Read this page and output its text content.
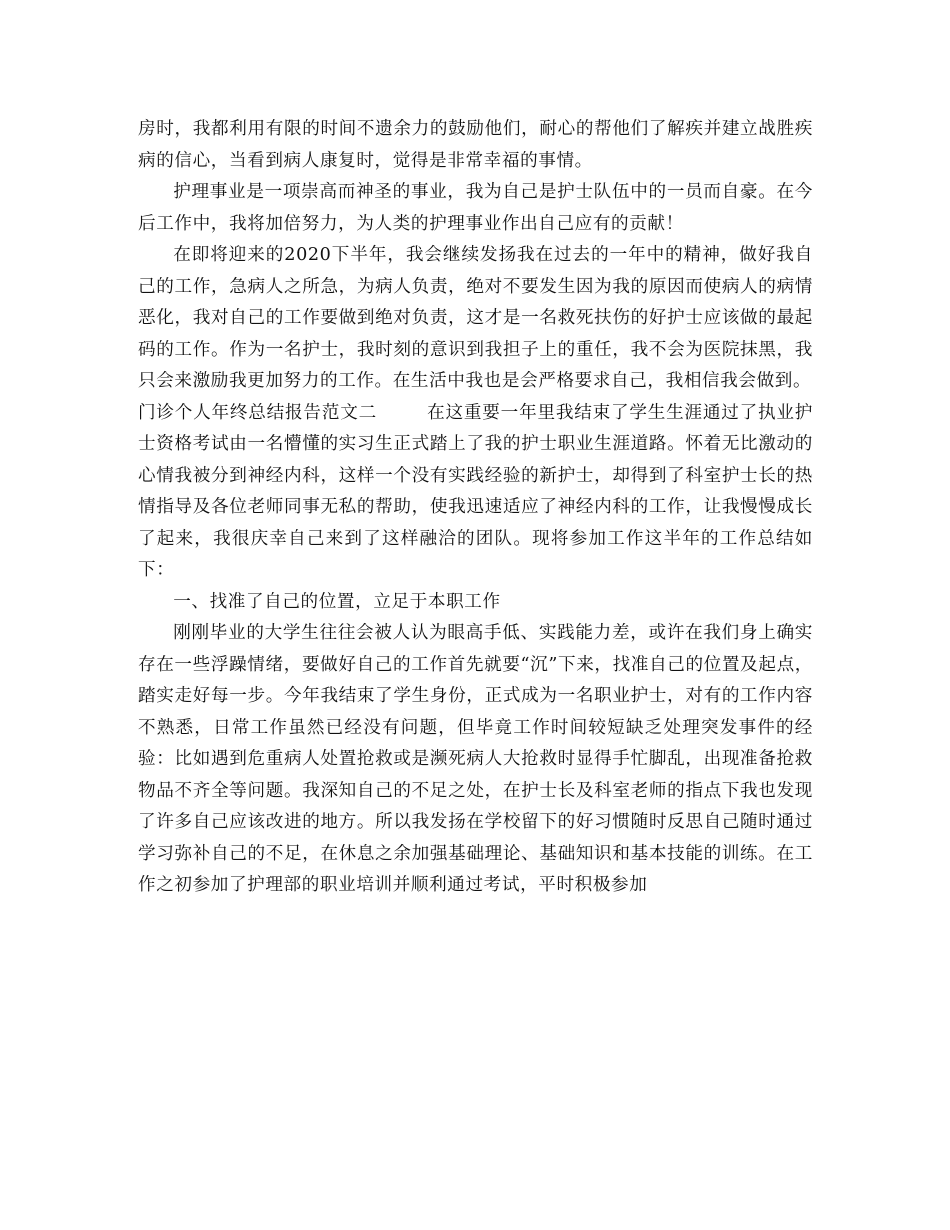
房时，我都利用有限的时间不遗余力的鼓励他们，耐心的帮他们了解疾并建立战胜疾病的信心，当看到病人康复时，觉得是非常幸福的事情。

护理事业是一项崇高而神圣的事业，我为自己是护士队伍中的一员而自豪。在今后工作中，我将加倍努力，为人类的护理事业作出自己应有的贡献！

在即将迎来的2020下半年，我会继续发扬我在过去的一年中的精神，做好我自己的工作，急病人之所急，为病人负责，绝对不要发生因为我的原因而使病人的病情恶化，我对自己的工作要做到绝对负责，这才是一名救死扶伤的好护士应该做的最起码的工作。作为一名护士，我时刻的意识到我担子上的重任，我不会为医院抹黑，我只会来激励我更加努力的工作。在生活中我也是会严格要求自己，我相信我会做到。

门诊个人年终总结报告范文二	在这重要一年里我结束了学生生涯通过了执业护士资格考试由一名懵懂的实习生正式踏上了我的护士职业生涯道路。怀着无比激动的心情我被分到神经内科，这样一个没有实践经验的新护士，却得到了科室护士长的热情指导及各位老师同事无私的帮助，使我迅速适应了神经内科的工作，让我慢慢成长了起来，我很庆幸自己来到了这样融洽的团队。现将参加工作这半年的工作总结如下：

一、找准了自己的位置，立足于本职工作

刚刚毕业的大学生往往会被人认为眼高手低、实践能力差，或许在我们身上确实存在一些浮躁情绪，要做好自己的工作首先就要“沉”下来，找准自己的位置及起点，踏实走好每一步。今年我结束了学生身份，正式成为一名职业护士，对有的工作内容不熟悉，日常工作虽然已经没有问题，但毕竟工作时间较短缺乏处理突发事件的经验：比如遇到危重病人处置抢救或是濒死病人大抢救时显得手忙脚乱，出现准备抢救物品不齐全等问题。我深知自己的不足之处，在护士长及科室老师的指点下我也发现了许多自己应该改进的地方。所以我发扬在学校留下的好习惯随时反思自己随时通过学习弥补自己的不足，在休息之余加强基础理论、基础知识和基本技能的训练。在工作之初参加了护理部的职业培训并顺利通过考试，平时积极参加
